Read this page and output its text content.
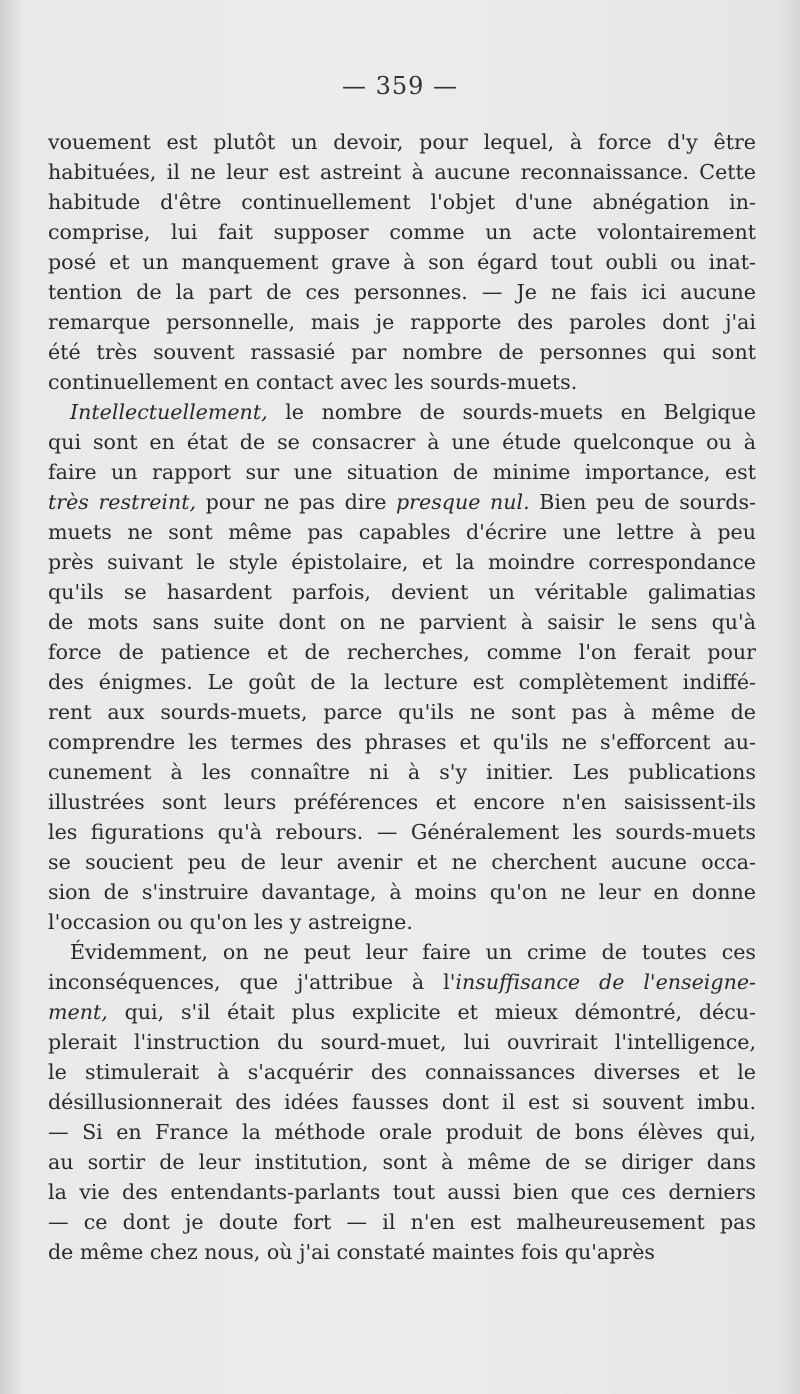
— 359 —
vouement est plutôt un devoir, pour lequel, à force d'y être
habituées, il ne leur est astreint à aucune reconnaissance. Cette
habitude d'être continuellement l'objet d'une abnégation in-
comprise, lui fait supposer comme un acte volontairement
posé et un manquement grave à son égard tout oubli ou inat-
tention de la part de ces personnes. — Je ne fais ici aucune
remarque personnelle, mais je rapporte des paroles dont j'ai
été très souvent rassasié par nombre de personnes qui sont
continuellement en contact avec les sourds-muets.
Intellectuellement, le nombre de sourds-muets en Belgique
qui sont en état de se consacrer à une étude quelconque ou à
faire un rapport sur une situation de minime importance, est
très restreint, pour ne pas dire presque nul. Bien peu de sourds-
muets ne sont même pas capables d'écrire une lettre à peu
près suivant le style épistolaire, et la moindre correspondance
qu'ils se hasardent parfois, devient un véritable galimatias
de mots sans suite dont on ne parvient à saisir le sens qu'à
force de patience et de recherches, comme l'on ferait pour
des énigmes. Le goût de la lecture est complètement indiffé-
rent aux sourds-muets, parce qu'ils ne sont pas à même de
comprendre les termes des phrases et qu'ils ne s'efforcent au-
cunement à les connaître ni à s'y initier. Les publications
illustrées sont leurs préférences et encore n'en saisissent-ils
les figurations qu'à rebours. — Généralement les sourds-muets
se soucient peu de leur avenir et ne cherchent aucune occa-
sion de s'instruire davantage, à moins qu'on ne leur en donne
l'occasion ou qu'on les y astreigne.
Évidemment, on ne peut leur faire un crime de toutes ces
inconséquences, que j'attribue à l'insuffisance de l'enseigne-
ment, qui, s'il était plus explicite et mieux démontré, décu-
plerait l'instruction du sourd-muet, lui ouvrirait l'intelligence,
le stimulerait à s'acquérir des connaissances diverses et le
désillusionnerait des idées fausses dont il est si souvent imbu.
— Si en France la méthode orale produit de bons élèves qui,
au sortir de leur institution, sont à même de se diriger dans
la vie des entendants-parlants tout aussi bien que ces derniers
— ce dont je doute fort — il n'en est malheureusement pas
de même chez nous, où j'ai constaté maintes fois qu'après
